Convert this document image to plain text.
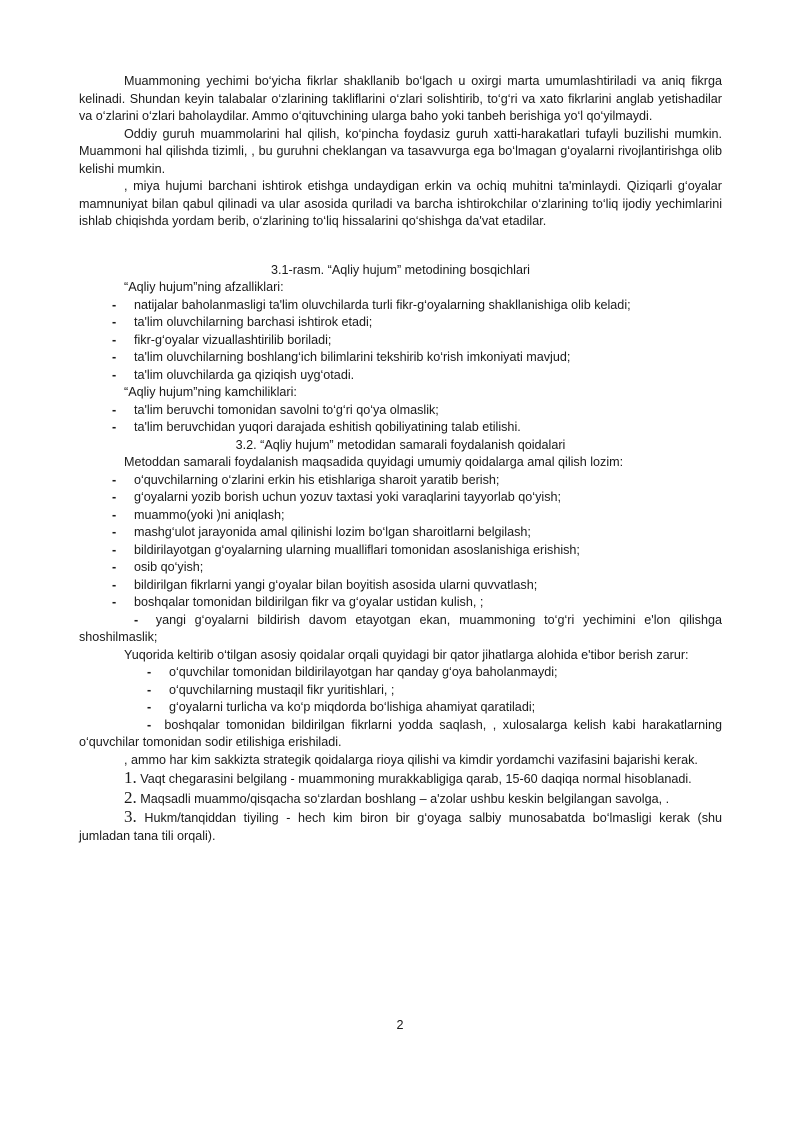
Muammoning yechimi bo‘yicha fikrlar shakllanib bo‘lgach u oxirgi marta umumlashtiriladi va aniq fikrga kelinadi. Shundan keyin talabalar o‘zlarining takliflarini o‘zlari solishtirib, to‘g‘ri va xato fikrlarini anglab yetishadilar va o‘zlarini o‘zlari baholaydilar. Ammo o‘qituvchining ularga baho yoki tanbeh berishiga yo‘l qo‘yilmaydi.

Oddiy guruh muammolarini hal qilish, ko‘pincha foydasiz guruh xatti-harakatlari tufayli buzilishi mumkin. Muammoni hal qilishda tizimli, , bu guruhni cheklangan va tasavvurga ega bo‘lmagan g‘oyalarni rivojlantirishga olib kelishi mumkin.

, miya hujumi barchani ishtirok etishga undaydigan erkin va ochiq muhitni ta'minlaydi. Qiziqarli g‘oyalar mamnuniyat bilan qabul qilinadi va ular asosida quriladi va barcha ishtirokchilar o‘zlarining to‘liq ijodiy yechimlarini ishlab chiqishda yordam berib, o‘zlarining to‘liq hissalarini qo‘shishga da'vat etadilar.

3.1-rasm. “Aqliy hujum” metodining bosqichlari

“Aqliy hujum”ning afzalliklari:

- natijalar baholanmasligi ta'lim oluvchilarda turli fikr-g‘oyalarning shakllanishiga olib keladi;
- ta'lim oluvchilarning barchasi ishtirok etadi;
- fikr-g‘oyalar vizuallashtirilib boriladi;
- ta'lim oluvchilarning boshlang‘ich bilimlarini tekshirib ko‘rish imkoniyati mavjud;
- ta'lim oluvchilarda ga qiziqish uyg‘otadi.

“Aqliy hujum”ning kamchiliklari:

- ta'lim beruvchi tomonidan savolni to‘g‘ri qo‘ya olmaslik;
- ta'lim beruvchidan yuqori darajada eshitish qobiliyatining talab etilishi.

3.2. “Aqliy hujum” metodidan samarali foydalanish qoidalari

Metoddan samarali foydalanish maqsadida quyidagi umumiy qoidalarga amal qilish lozim:

- o‘quvchilarning o‘zlarini erkin his etishlariga sharoit yaratib berish;
- g‘oyalarni yozib borish uchun yozuv taxtasi yoki varaqlarini tayyorlab qo‘yish;
- muammo(yoki )ni aniqlash;
- mashg‘ulot jarayonida amal qilinishi lozim bo‘lgan sharoitlarni belgilash;
- bildirilayotgan g‘oyalarning ularning mualliflari tomonidan asoslanishiga erishish;
- osib qo‘yish;
- bildirilgan fikrlarni yangi g‘oyalar bilan boyitish asosida ularni quvvatlash;
- boshqalar tomonidan bildirilgan fikr va g‘oyalar ustidan kulish, ;

- yangi g‘oyalarni bildirish davom etayotgan ekan, muammoning to‘g‘ri yechimini e'lon qilishga shoshilmaslik;

Yuqorida keltirib o‘tilgan asosiy qoidalar orqali quyidagi bir qator jihatlarga alohida e'tibor berish zarur:

- o‘quvchilar tomonidan bildirilayotgan har qanday g‘oya baholanmaydi;
- o‘quvchilarning mustaqil fikr yuritishlari, ;
- g‘oyalarni turlicha va ko‘p miqdorda bo‘lishiga ahamiyat qaratiladi;

- boshqalar tomonidan bildirilgan fikrlarni yodda saqlash, , xulosalarga kelish kabi harakatlarning o‘quvchilar tomonidan sodir etilishiga erishiladi.

, ammo har kim sakkizta strategik qoidalarga rioya qilishi va kimdir yordamchi vazifasini bajarishi kerak.

1. Vaqt chegarasini belgilang - muammoning murakkabligiga qarab, 15-60 daqiqa normal hisoblanadi.

2. Maqsadli muammo/qisqacha so‘zlardan boshlang – a'zolar ushbu keskin belgilangan savolga, .

3. Hukm/tanqiddan tiyiling - hech kim biron bir g‘oyaga salbiy munosabatda bo‘lmasligi kerak (shu jumladan tana tili orqali).

2
